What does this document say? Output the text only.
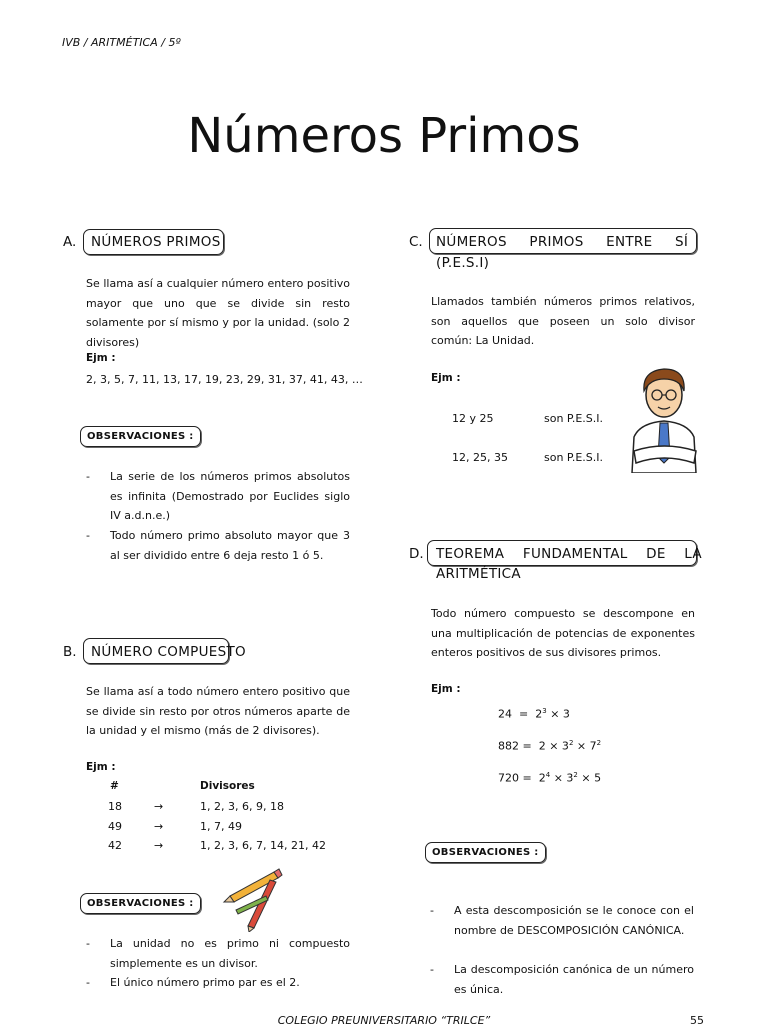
IVB / ARITMÉTICA / 5º
Números Primos
A. NÚMEROS PRIMOS
Se llama así a cualquier número entero positivo mayor que uno que se divide sin resto solamente por sí mismo y por la unidad. (solo 2 divisores)
Ejm :
2, 3, 5, 7, 11, 13, 17, 19, 23, 29, 31, 37, 41, 43, …
OBSERVACIONES :
- La serie de los números primos absolutos es infinita (Demostrado por Euclides siglo IV a.d.n.e.)
- Todo número primo absoluto mayor que 3 al ser dividido entre 6 deja resto 1 ó 5.
B. NÚMERO COMPUESTO
Se llama así a todo número entero positivo que se divide sin resto por otros números aparte de la unidad y el mismo (más de 2 divisores).
Ejm :
#	Divisores
18	→	1, 2, 3, 6, 9, 18
49	→	1, 7, 49
42	→	1, 2, 3, 6, 7, 14, 21, 42
OBSERVACIONES :
- La unidad no es primo ni compuesto simplemente es un divisor.
- El único número primo par es el 2.
C. NÚMEROS PRIMOS ENTRE SÍ
(P.E.S.I)
Llamados también números primos relativos, son aquellos que poseen un solo divisor común: La Unidad.
Ejm :
12 y 25	son P.E.S.I.
12, 25, 35	son P.E.S.I.
D. TEOREMA FUNDAMENTAL DE LA
ARITMÉTICA
Todo número compuesto se descompone en una multiplicación de potencias de exponentes enteros positivos de sus divisores primos.
Ejm :
$24 = 2^3 \times 3$
$882 = 2 \times 3^2 \times 7^2$
$720 = 2^4 \times 3^2 \times 5$
OBSERVACIONES :
- A esta descomposición se le conoce con el nombre de DESCOMPOSICIÓN CANÓNICA.
- La descomposición canónica de un número es única.
COLEGIO PREUNIVERSITARIO “TRILCE”	55
